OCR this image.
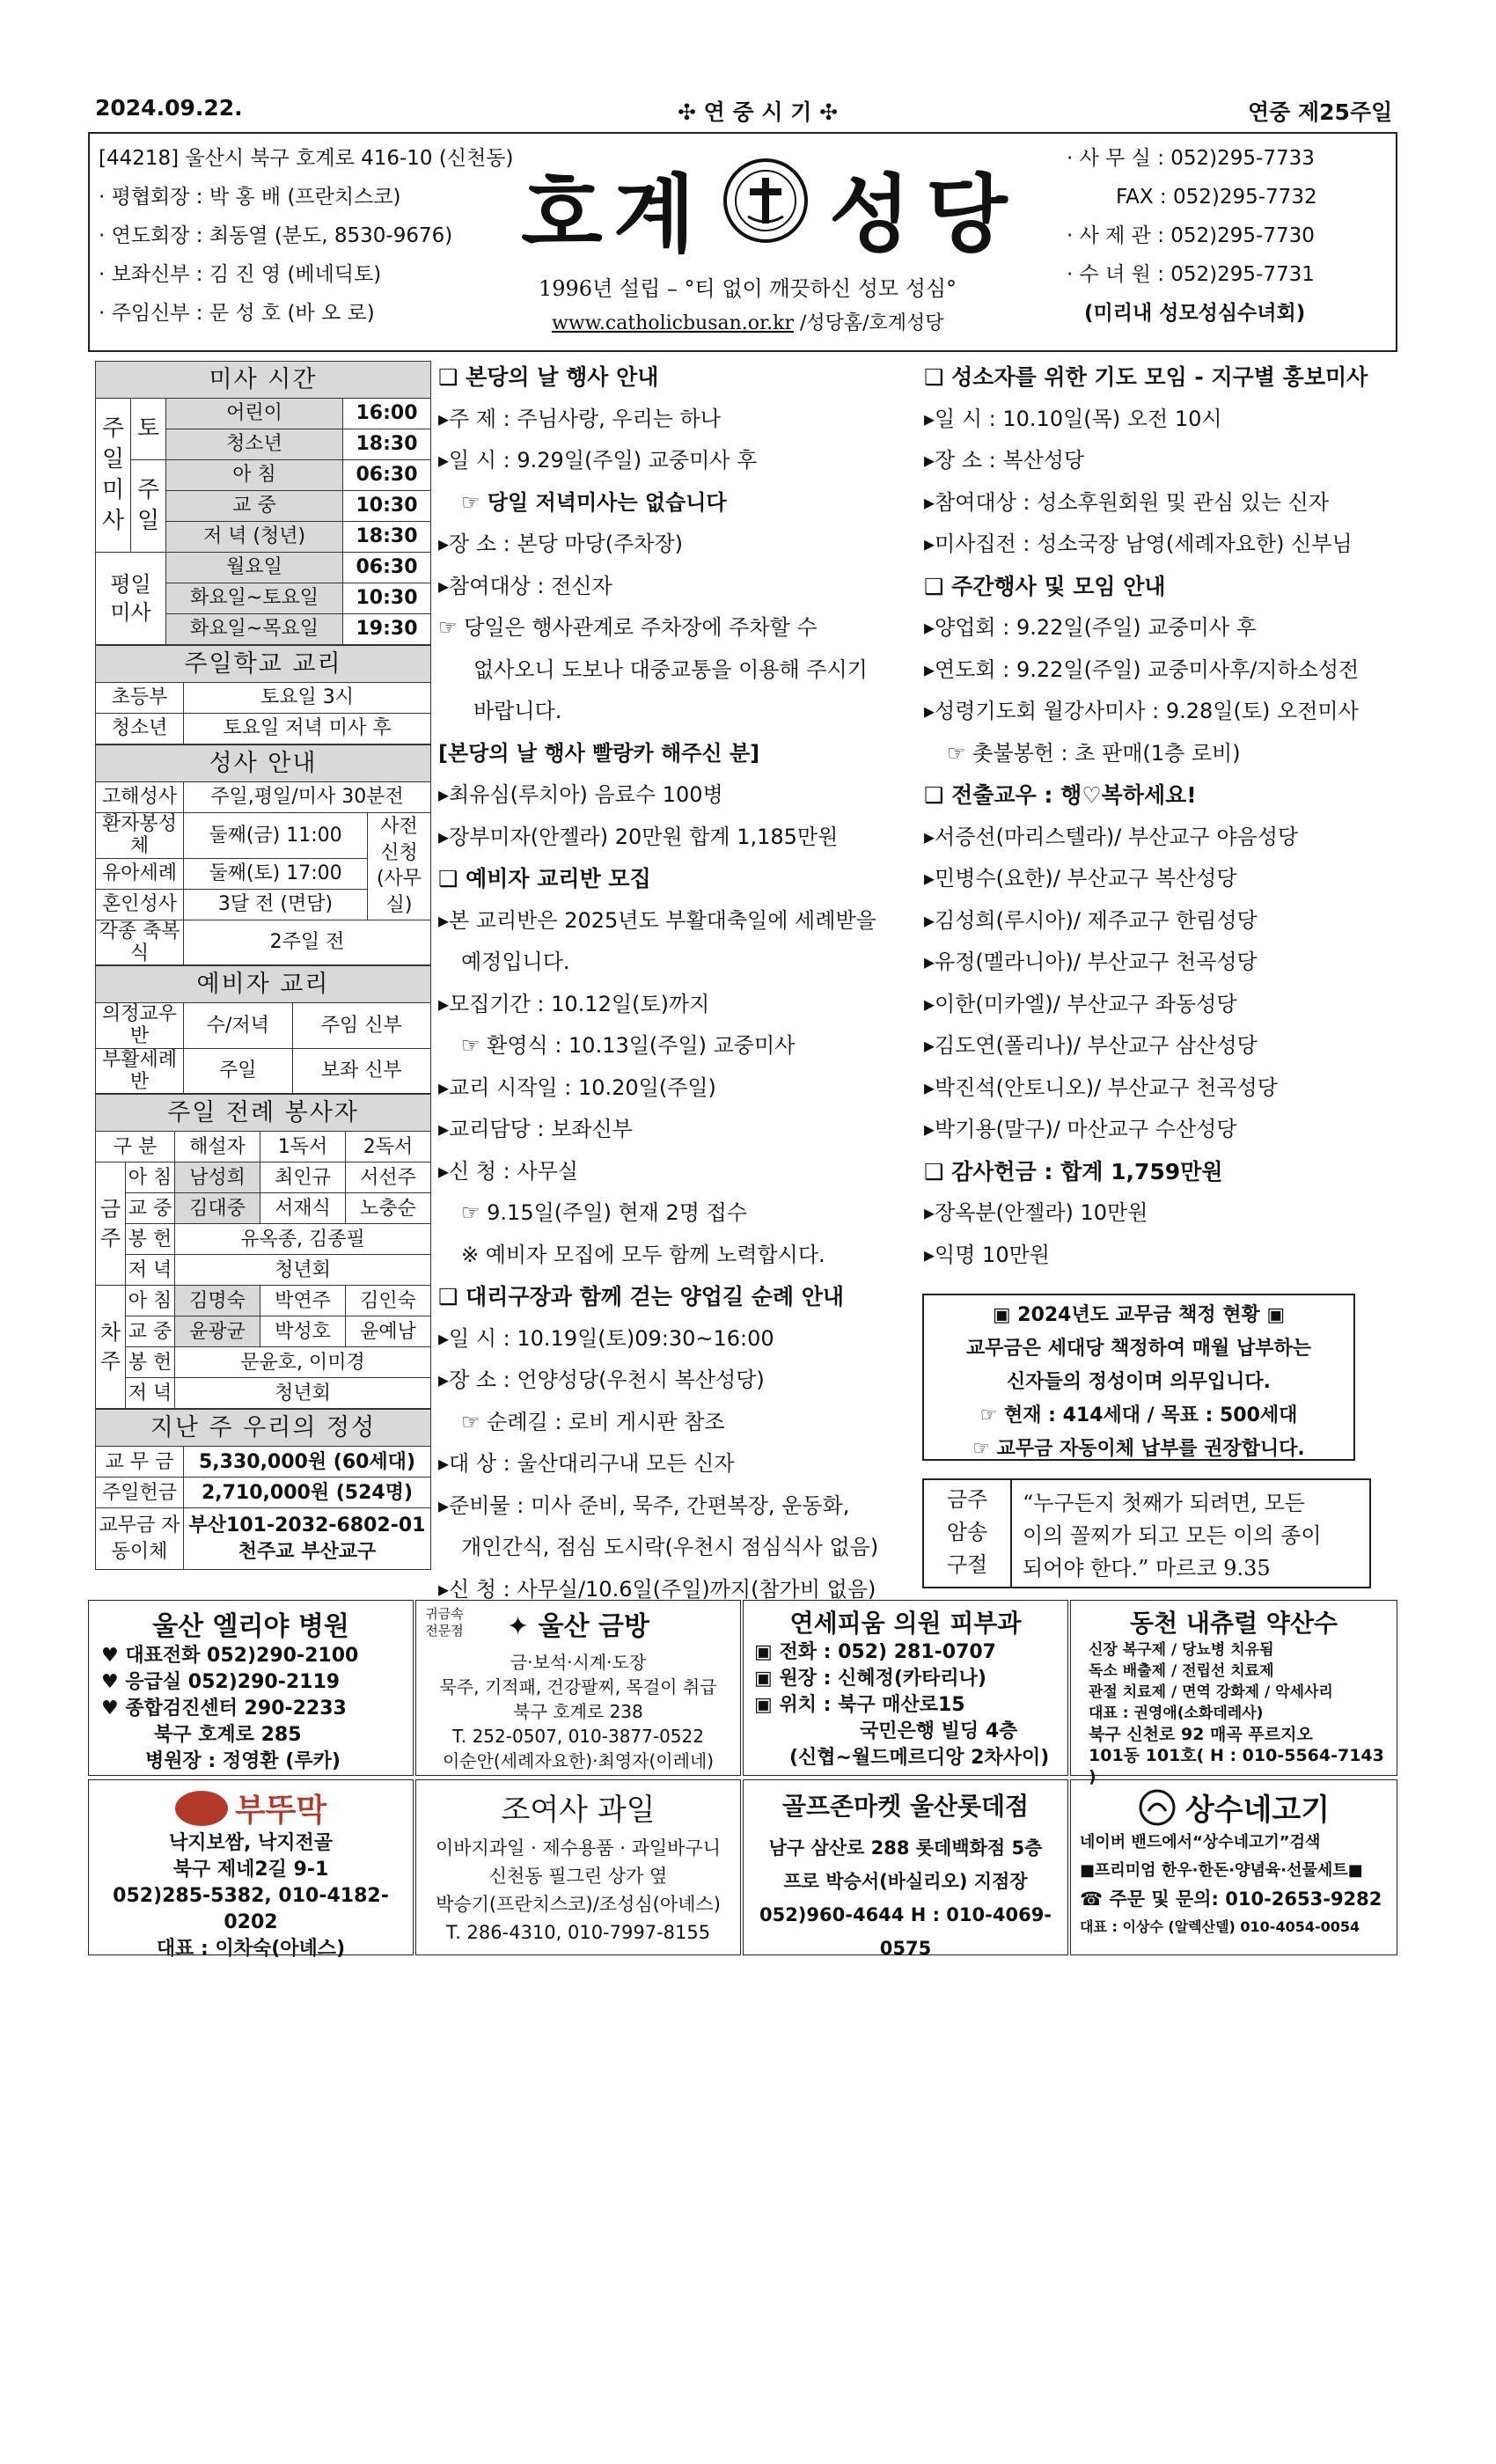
2024.09.22.	✣ 연 중 시 기 ✣	연중 제25주일
[44218] 울산시 북구 호계로 416-10 (신천동)
· 평협회장 : 박 홍 배 (프란치스코)
· 연도회장 : 최동열 (분도, 8530-9676)
· 보좌신부 : 김 진 영 (베네딕토)
· 주임신부 : 문 성 호 (바 오 로)
호 계 성 당
1996년 설립 – °티 없이 깨끗하신 성모 성심°
www.catholicbusan.or.kr /성당홈/호계성당
· 사 무 실 : 052)295-7733
FAX : 052)295-7732
· 사 제 관 : 052)295-7730
· 수 녀 원 : 052)295-7731
(미리내 성모성심수녀회)
미사 시간			
주 일 미 사	토	어린이	16:00
		청소년	18:30
	주 일	아 침	06:30
		교 중	10:30
		저 녁 (청년)	18:30
평일 미사		월요일	06:30
		화요일~토요일	10:30
		화요일~목요일	19:30
주일학교 교리	
초등부	토요일 3시
청소년	토요일 저녁 미사 후
성사 안내		
고해성사	주일,평일/미사 30분전	
환자봉성체	둘째(금) 11:00	사전 신청 (사무실)
유아세례	둘째(토) 17:00	
혼인성사	3달 전 (면담)	
각종 축복식	2주일 전	
예비자 교리		
의정교우반	수/저녁	주임 신부
부활세례반	주일	보좌 신부
주일 전례 봉사자				
구 분		해설자	1독서	2독서
금 주	아 침	남성희	최인규	서선주
	교 중	김대중	서재식	노충순
	봉 헌	유옥종, 김종필		
	저 녁	청년회		
차 주	아 침	김명숙	박연주	김인숙
	교 중	윤광균	박성호	윤예남
	봉 헌	문윤호, 이미경		
	저 녁	청년회		
지난 주 우리의 정성	
교 무 금	5,330,000원 (60세대)
주일헌금	2,710,000원 (524명)
교무금 자동이체	부산101-2032-6802-01 천주교 부산교구
❑ 본당의 날 행사 안내
▸주 제 : 주님사랑, 우리는 하나
▸일 시 : 9.29일(주일) 교중미사 후
☞ 당일 저녁미사는 없습니다
▸장 소 : 본당 마당(주차장)
▸참여대상 : 전신자
☞ 당일은 행사관계로 주차장에 주차할 수
없사오니 도보나 대중교통을 이용해 주시기
바랍니다.
[본당의 날 행사 빨랑카 해주신 분]
▸최유심(루치아) 음료수 100병
▸장부미자(안젤라) 20만원 합계 1,185만원
❑ 예비자 교리반 모집
▸본 교리반은 2025년도 부활대축일에 세례받을
예정입니다.
▸모집기간 : 10.12일(토)까지
☞ 환영식 : 10.13일(주일) 교중미사
▸교리 시작일 : 10.20일(주일)
▸교리담당 : 보좌신부
▸신 청 : 사무실
☞ 9.15일(주일) 현재 2명 접수
※ 예비자 모집에 모두 함께 노력합시다.
❑ 대리구장과 함께 걷는 양업길 순례 안내
▸일 시 : 10.19일(토)09:30~16:00
▸장 소 : 언양성당(우천시 복산성당)
☞ 순례길 : 로비 게시판 참조
▸대 상 : 울산대리구내 모든 신자
▸준비물 : 미사 준비, 묵주, 간편복장, 운동화,
개인간식, 점심 도시락(우천시 점심식사 없음)
▸신 청 : 사무실/10.6일(주일)까지(참가비 없음)
❑ 성소자를 위한 기도 모임 - 지구별 홍보미사
▸일 시 : 10.10일(목) 오전 10시
▸장 소 : 복산성당
▸참여대상 : 성소후원회원 및 관심 있는 신자
▸미사집전 : 성소국장 남영(세례자요한) 신부님
❑ 주간행사 및 모임 안내
▸양업회 : 9.22일(주일) 교중미사 후
▸연도회 : 9.22일(주일) 교중미사후/지하소성전
▸성령기도회 월강사미사 : 9.28일(토) 오전미사
☞ 촛불봉헌 : 초 판매(1층 로비)
❑ 전출교우 : 행♡복하세요!
▸서증선(마리스텔라)/ 부산교구 야음성당
▸민병수(요한)/ 부산교구 복산성당
▸김성희(루시아)/ 제주교구 한림성당
▸유정(멜라니아)/ 부산교구 천곡성당
▸이한(미카엘)/ 부산교구 좌동성당
▸김도연(폴리나)/ 부산교구 삼산성당
▸박진석(안토니오)/ 부산교구 천곡성당
▸박기용(말구)/ 마산교구 수산성당
❑ 감사헌금 : 합계 1,759만원
▸장옥분(안젤라) 10만원
▸익명 10만원
▣ 2024년도 교무금 책정 현황 ▣
교무금은 세대당 책정하여 매월 납부하는
신자들의 정성이며 의무입니다.
☞ 현재 : 414세대 / 목표 : 500세대
☞ 교무금 자동이체 납부를 권장합니다.
금주
암송
구절
“누구든지 첫째가 되려면, 모든
이의 꼴찌가 되고 모든 이의 종이
되어야 한다.” 마르코 9.35
울산 엘리야 병원
♥ 대표전화 052)290-2100
♥ 응급실 052)290-2119
♥ 종합검진센터 290-2233
북구 호계로 285
병원장 : 정영환 (루카)
귀금속 전문점	✦ 울산 금방
금·보석·시계·도장
묵주, 기적패, 건강팔찌, 목걸이 취급
북구 호계로 238
T. 252-0507, 010-3877-0522
이순안(세례자요한)·최영자(이레네)
연세피움 의원 피부과
▣ 전화 : 052) 281-0707
▣ 원장 : 신혜정(카타리나)
▣ 위치 : 북구 매산로15
국민은행 빌딩 4층
(신협~월드메르디앙 2차사이)
동천 내츄럴 약산수
신장 복구제 / 당뇨병 치유됨
독소 배출제 / 전립선 치료제
관절 치료제 / 면역 강화제 / 악세사리
대표 : 권영애(소화데레사)
북구 신천로 92 매곡 푸르지오
101동 101호( H : 010-5564-7143 )
부뚜막
낙지보쌈, 낙지전골
북구 제네2길 9-1
052)285-5382, 010-4182-0202
대표 : 이차숙(아녜스)
조여사 과일
이바지과일 · 제수용품 · 과일바구니
신천동 필그린 상가 옆
박승기(프란치스코)/조성심(아녜스)
T. 286-4310, 010-7997-8155
골프존마켓 울산롯데점
남구 삼산로 288 롯데백화점 5층
프로 박승서(바실리오) 지점장
052)960-4644 H : 010-4069-0575
상수네고기
네이버 밴드에서“상수네고기”검색
■프리미엄 한우·한돈·양념육·선물세트■
☎ 주문 및 문의: 010-2653-9282
대표 : 이상수 (알렉산델) 010-4054-0054
